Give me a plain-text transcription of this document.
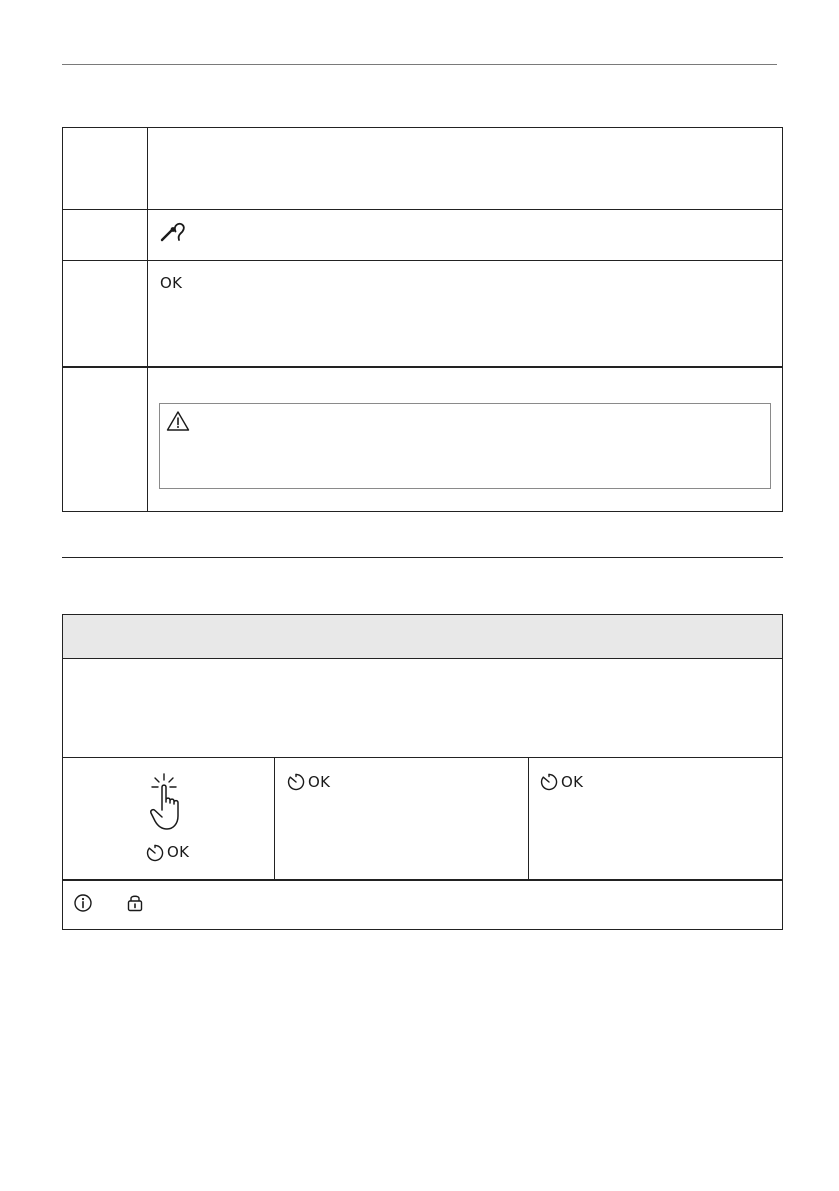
OK
OK
OK	OK
